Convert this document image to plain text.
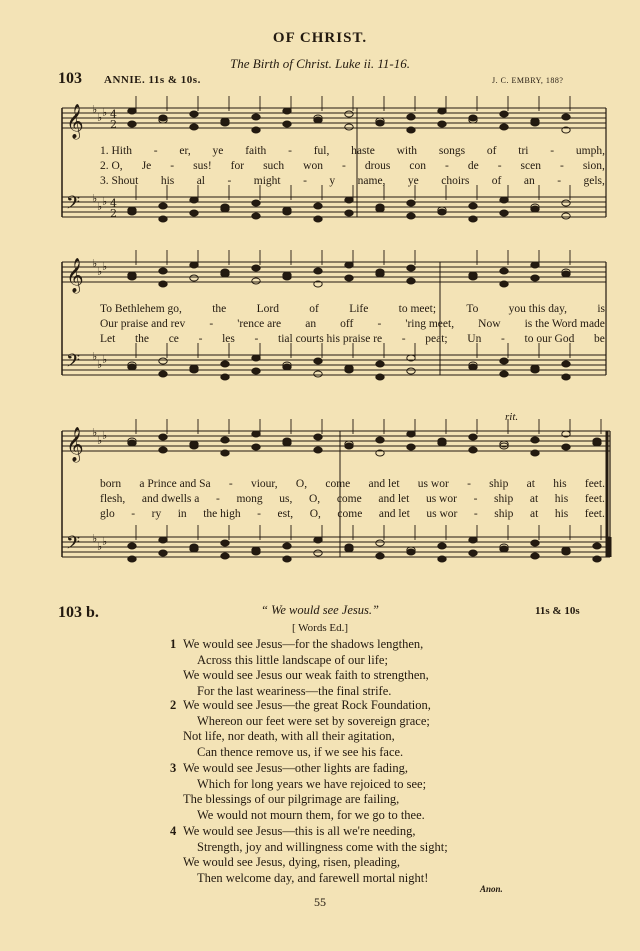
OF CHRIST.
The Birth of Christ. Luke ii. 11-16.
103 ANNIE. 11s & 10s.	J. C. EMBRY, 188?
𝄞 ♭
♭ ♭
𝄢 ♭
♭ ♭
4
2
4
2
𝄞 ♭
♭ ♭
𝄢 ♭
♭ ♭
𝄞 ♭
♭ ♭
𝄢 ♭
♭ ♭
1. Hith - er, ye faith - ful, haste with songs of tri - umph,
2. O, Je - sus! for such won - drous con - de - scen - sion,
3. Shout his al - might - y name, ye choirs of an - gels,
To Bethlehem go,	the	Lord	of	Life	to meet;	To	you this day,	is
Our praise and rev - 'rence are an off - 'ring meet, Now is the Word made
Let the ce - les - tial courts his praise re - peat; Un - to our God be
rit.
born a Prince and Sa - viour, O, come and let us wor - ship at his feet.
flesh, and dwells a - mong us, O, come and let us wor - ship at his feet.
glo - ry in the high - est, O, come and let us wor - ship at his feet.
103 b.	“ We would see Jesus.”	11s & 10s
[ Words Ed.]
1 We would see Jesus—for the shadows lengthen,
Across this little landscape of our life;
We would see Jesus our weak faith to strengthen,
For the last weariness—the final strife.
2 We would see Jesus—the great Rock Foundation,
Whereon our feet were set by sovereign grace;
Not life, nor death, with all their agitation,
Can thence remove us, if we see his face.
3 We would see Jesus—other lights are fading,
Which for long years we have rejoiced to see;
The blessings of our pilgrimage are failing,
We would not mourn them, for we go to thee.
4 We would see Jesus—this is all we're needing,
Strength, joy and willingness come with the sight;
We would see Jesus, dying, risen, pleading,
Then welcome day, and farewell mortal night!
Anon.
55
